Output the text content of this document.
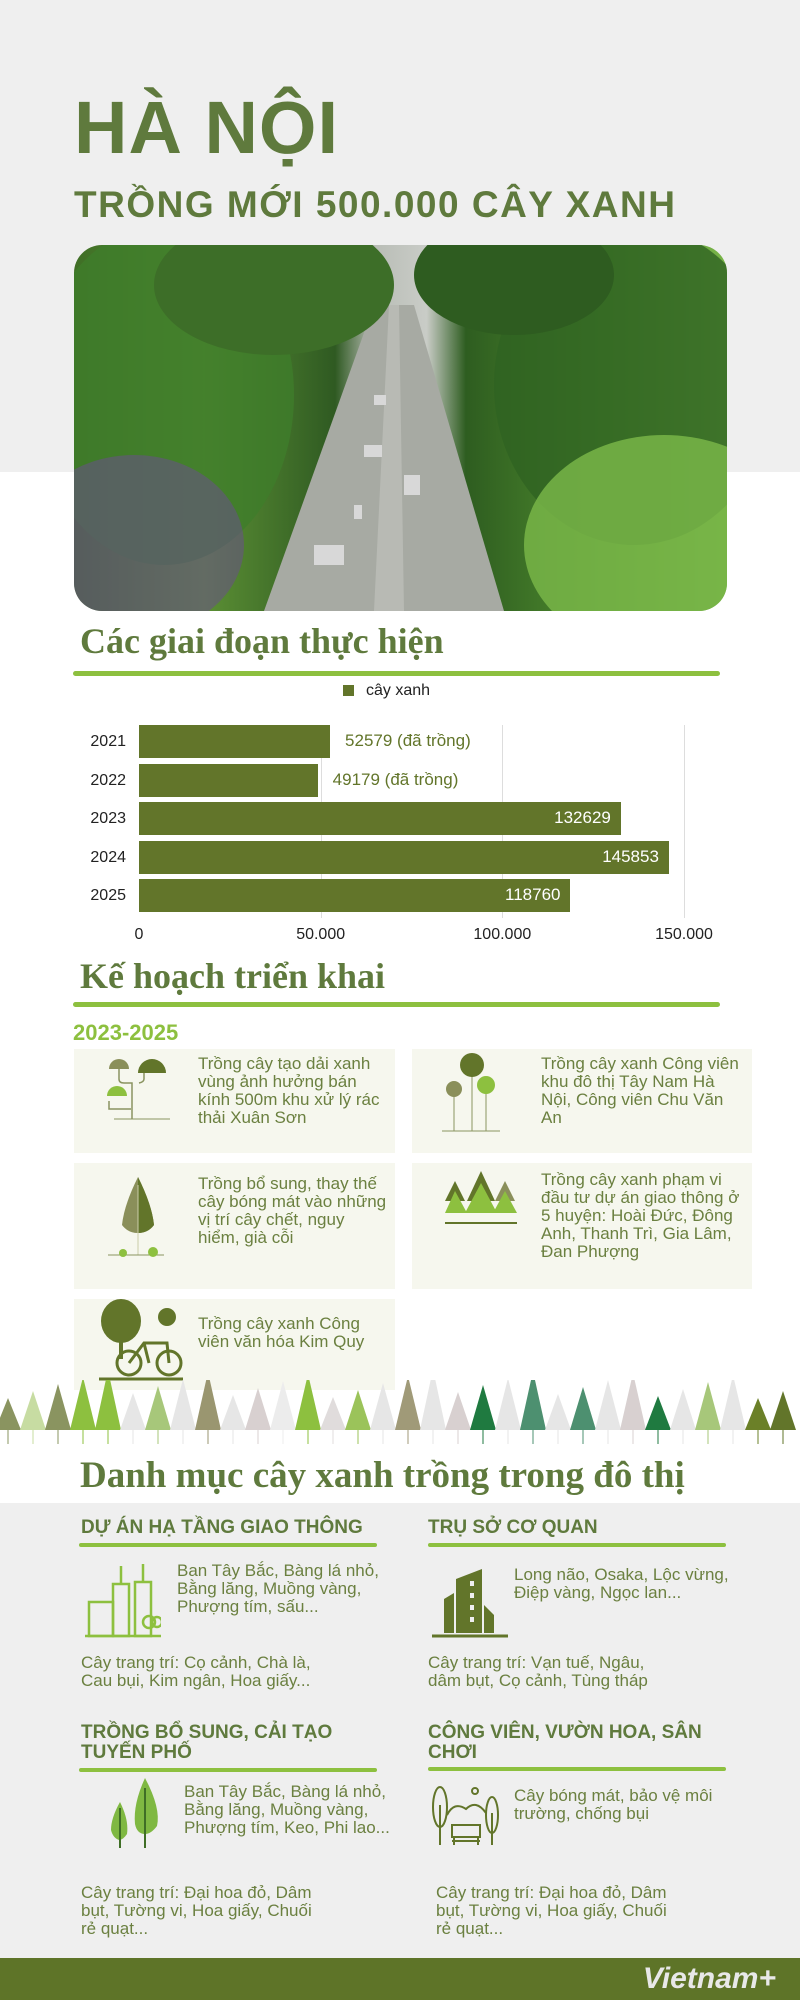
HÀ NỘI
TRỒNG MỚI 500.000 CÂY XANH
Các giai đoạn thực hiện
cây xanh
0	50.000	100.000	150.000
2021	52579 (đã trồng)
2022	49179 (đã trồng)
2023	132629
2024	145853
2025	118760
Kế hoạch triển khai
2023-2025
Trồng cây tạo dải xanh vùng ảnh hưởng bán kính 500m khu xử lý rác thải Xuân Sơn
Trồng cây xanh Công viên khu đô thị Tây Nam Hà Nội, Công viên Chu Văn An
Trồng bổ sung, thay thế cây bóng mát vào những vị trí cây chết, nguy hiểm, già cỗi
Trồng cây xanh phạm vi đầu tư dự án giao thông ở 5 huyện: Hoài Đức, Đông Anh, Thanh Trì, Gia Lâm, Đan Phượng
Trồng cây xanh Công viên văn hóa Kim Quy
Danh mục cây xanh trồng trong đô thị
DỰ ÁN HẠ TẦNG GIAO THÔNG
Ban Tây Bắc, Bàng lá nhỏ, Bằng lăng, Muồng vàng, Phượng tím, sấu...
Cây trang trí: Cọ cảnh, Chà là, Cau bụi, Kim ngân, Hoa giấy...
TRỤ SỞ CƠ QUAN
Long não, Osaka, Lộc vừng, Điệp vàng, Ngọc lan...
Cây trang trí: Vạn tuế, Ngâu, dâm bụt, Cọ cảnh, Tùng tháp
TRỒNG BỔ SUNG, CẢI TẠO TUYẾN PHỐ
Ban Tây Bắc, Bàng lá nhỏ, Bằng lăng, Muồng vàng, Phượng tím, Keo, Phi lao...
Cây trang trí: Đại hoa đỏ, Dâm bụt, Tường vi, Hoa giấy, Chuối rẻ quạt...
CÔNG VIÊN, VƯỜN HOA, SÂN CHƠI
Cây bóng mát, bảo vệ môi trường, chống bụi
Cây trang trí: Đại hoa đỏ, Dâm bụt, Tường vi, Hoa giấy, Chuối rẻ quạt...
Vietnam+
